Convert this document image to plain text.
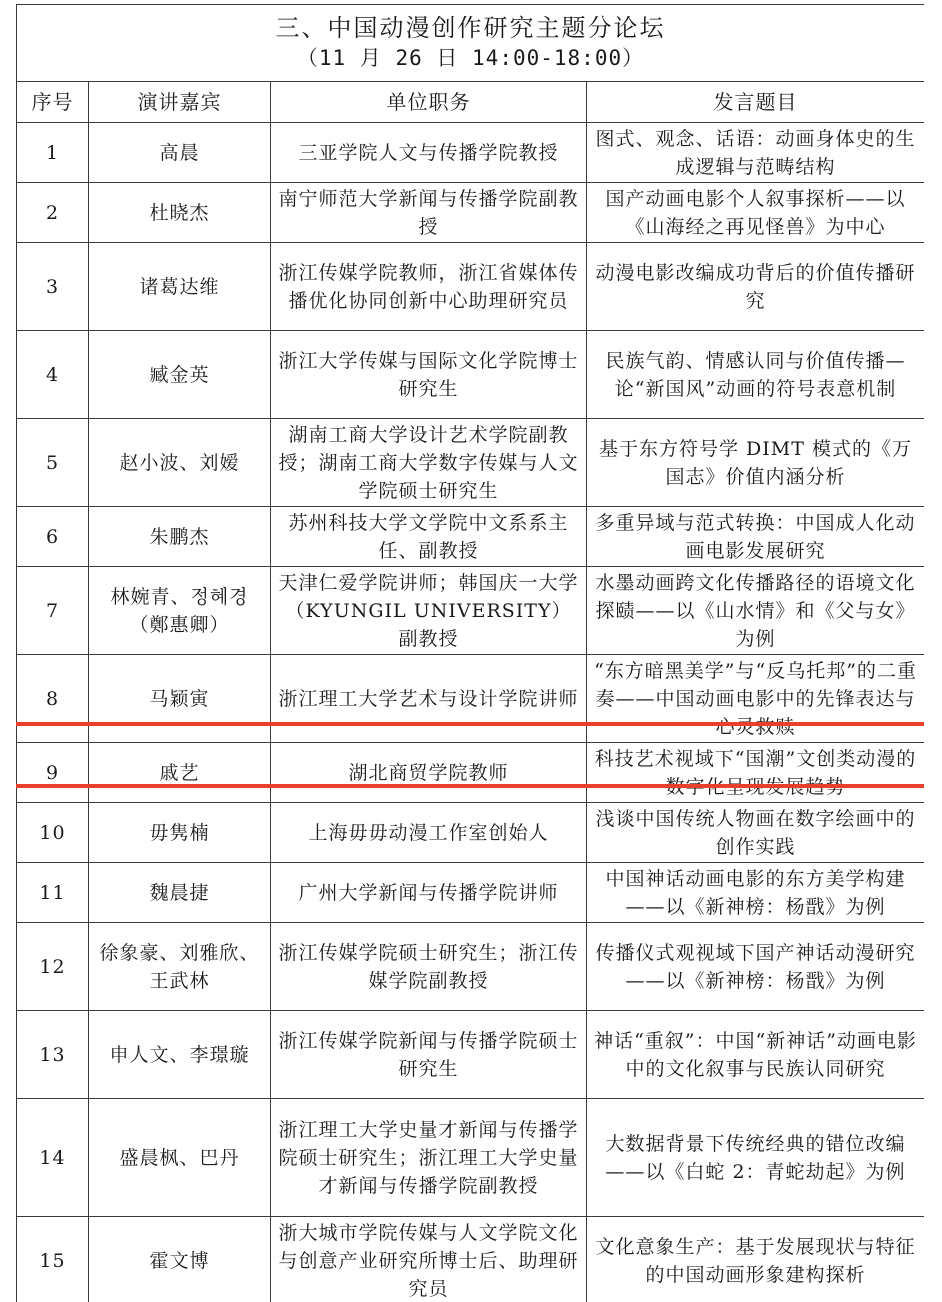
三、中国动漫创作研究主题分论坛
（11 月 26 日 14:00-18:00）			

序号	演讲嘉宾	单位职务	发言题目
1	高晨	三亚学院人文与传播学院教授	图式、观念、话语：动画身体史的生成逻辑与范畴结构
2	杜晓杰	南宁师范大学新闻与传播学院副教授	国产动画电影个人叙事探析——以《山海经之再见怪兽》为中心
3	诸葛达维	浙江传媒学院教师，浙江省媒体传播优化协同创新中心助理研究员	动漫电影改编成功背后的价值传播研究
4	臧金英	浙江大学传媒与国际文化学院博士研究生	民族气韵、情感认同与价值传播—论“新国风”动画的符号表意机制
5	赵小波、刘嫒	湖南工商大学设计艺术学院副教授；湖南工商大学数字传媒与人文学院硕士研究生	基于东方符号学 DIMT 模式的《万国志》价值内涵分析
6	朱鹏杰	苏州科技大学文学院中文系系主任、副教授	多重异域与范式转换：中国成人化动画电影发展研究
7	林婉青、정혜경（鄭惠卿）	天津仁爱学院讲师；韩国庆一大学（KYUNGIL UNIVERSITY）副教授	水墨动画跨文化传播路径的语境文化探赜——以《山水情》和《父与女》为例
8	马颖寅	浙江理工大学艺术与设计学院讲师	“东方暗黑美学”与“反乌托邦”的二重奏——中国动画电影中的先锋表达与心灵救赎
9	戚艺	湖北商贸学院教师	科技艺术视域下“国潮”文创类动漫的数字化呈现发展趋势
10	毋隽楠	上海毋毋动漫工作室创始人	浅谈中国传统人物画在数字绘画中的创作实践
11	魏晨捷	广州大学新闻与传播学院讲师	中国神话动画电影的东方美学构建——以《新神榜：杨戬》为例
12	徐象豪、刘雅欣、王武林	浙江传媒学院硕士研究生；浙江传媒学院副教授	传播仪式观视域下国产神话动漫研究——以《新神榜：杨戬》为例
13	申人文、李璟璇	浙江传媒学院新闻与传播学院硕士研究生	神话“重叙”：中国“新神话”动画电影中的文化叙事与民族认同研究
14	盛晨枫、巴丹	浙江理工大学史量才新闻与传播学院硕士研究生；浙江理工大学史量才新闻与传播学院副教授	大数据背景下传统经典的错位改编——以《白蛇 2：青蛇劫起》为例
15	霍文博	浙大城市学院传媒与人文学院文化与创意产业研究所博士后、助理研究员	文化意象生产：基于发展现状与特征的中国动画形象建构探析
